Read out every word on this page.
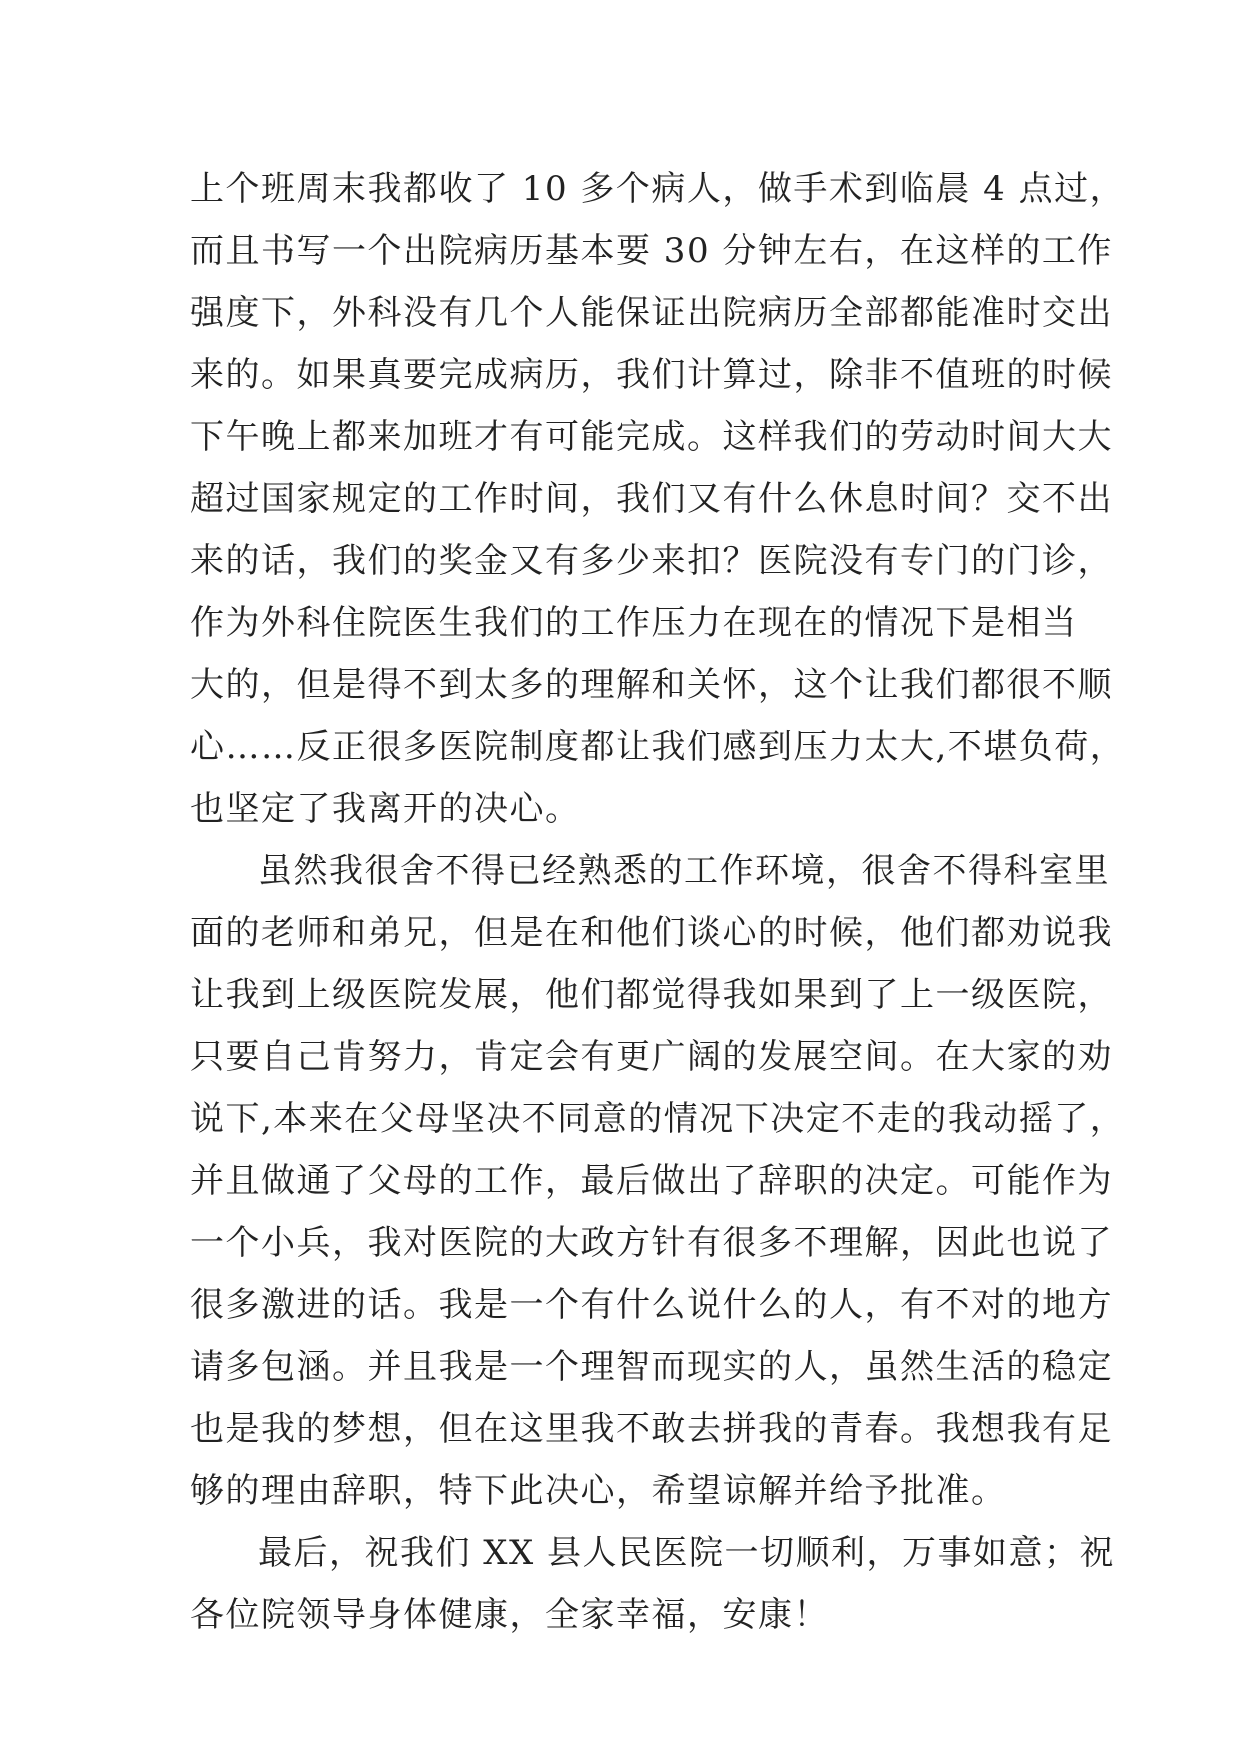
上个班周末我都收了 10 多个病人，做手术到临晨 4 点过，
而且书写一个出院病历基本要 30 分钟左右，在这样的工作
强度下，外科没有几个人能保证出院病历全部都能准时交出
来的。如果真要完成病历，我们计算过，除非不值班的时候
下午晚上都来加班才有可能完成。这样我们的劳动时间大大
超过国家规定的工作时间，我们又有什么休息时间？交不出
来的话，我们的奖金又有多少来扣？医院没有专门的门诊，
作为外科住院医生我们的工作压力在现在的情况下是相当
大的，但是得不到太多的理解和关怀，这个让我们都很不顺
心……反正很多医院制度都让我们感到压力太大,不堪负荷，
也坚定了我离开的决心。
虽然我很舍不得已经熟悉的工作环境，很舍不得科室里
面的老师和弟兄，但是在和他们谈心的时候，他们都劝说我
让我到上级医院发展，他们都觉得我如果到了上一级医院，
只要自己肯努力，肯定会有更广阔的发展空间。在大家的劝
说下,本来在父母坚决不同意的情况下决定不走的我动摇了，
并且做通了父母的工作，最后做出了辞职的决定。可能作为
一个小兵，我对医院的大政方针有很多不理解，因此也说了
很多激进的话。我是一个有什么说什么的人，有不对的地方
请多包涵。并且我是一个理智而现实的人，虽然生活的稳定
也是我的梦想，但在这里我不敢去拼我的青春。我想我有足
够的理由辞职，特下此决心，希望谅解并给予批准。
最后，祝我们 XX 县人民医院一切顺利，万事如意；祝
各位院领导身体健康，全家幸福，安康！
